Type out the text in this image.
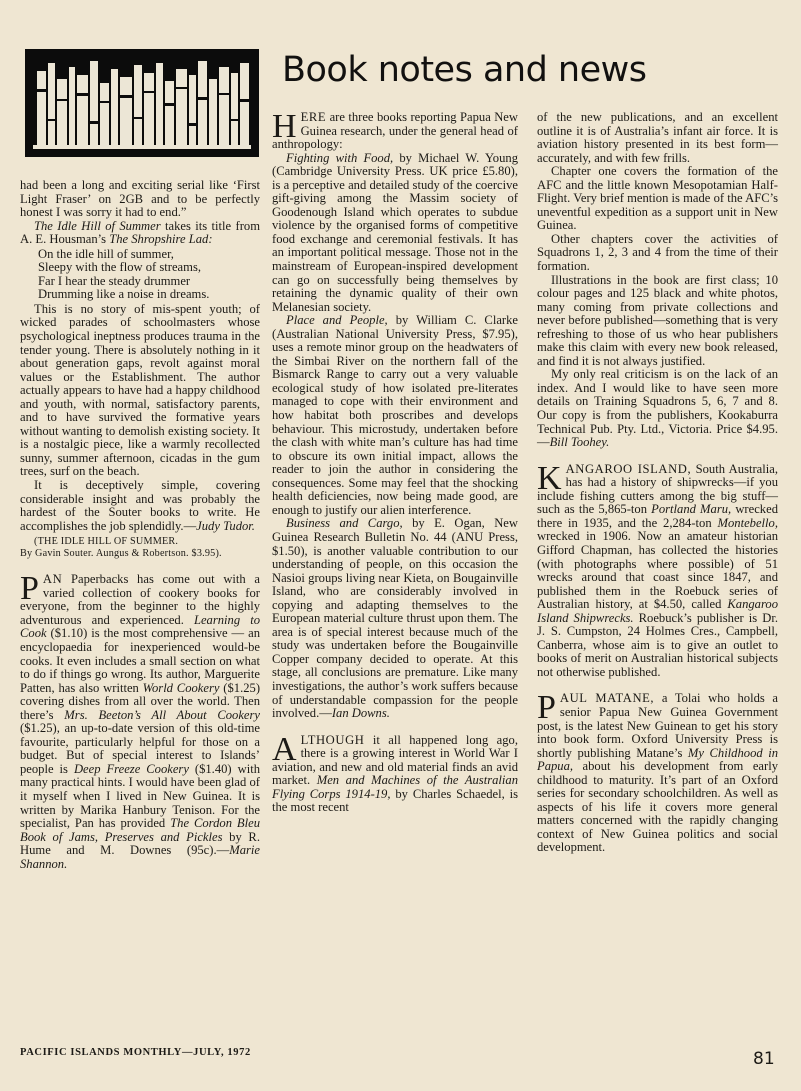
Book notes and news

had been a long and exciting serial like ‘First Light Fraser’ on 2GB and to be perfectly honest I was sorry it had to end.”

The Idle Hill of Summer takes its title from A. E. Housman’s The Shropshire Lad:

On the idle hill of summer,
Sleepy with the flow of streams,
Far I hear the steady drummer
Drumming like a noise in dreams.

This is no story of mis-spent youth; of wicked parades of schoolmasters whose psychological ineptness produces trauma in the tender young. There is absolutely nothing in it about generation gaps, revolt against moral values or the Establishment. The author actually appears to have had a happy childhood and youth, with normal, satisfactory parents, and to have survived the formative years without wanting to demolish existing society. It is a nostalgic piece, like a warmly recollected sunny, summer afternoon, cicadas in the gum trees, surf on the beach.

It is deceptively simple, covering considerable insight and was probably the hardest of the Souter books to write. He accomplishes the job splendidly.—Judy Tudor.

(THE IDLE HILL OF SUMMER.
By Gavin Souter. Aungus & Robertson. $3.95).

PAN Paperbacks has come out with a varied collection of cookery books for everyone, from the beginner to the highly adventurous and experienced. Learning to Cook ($1.10) is the most comprehensive — an encyclopaedia for inexperienced would-be cooks. It even includes a small section on what to do if things go wrong. Its author, Marguerite Patten, has also written World Cookery ($1.25) covering dishes from all over the world. Then there’s Mrs. Beeton’s All About Cookery ($1.25), an up-to-date version of this old-time favourite, particularly helpful for those on a budget. But of special interest to Islands’ people is Deep Freeze Cookery ($1.40) with many practical hints. I would have been glad of it myself when I lived in New Guinea. It is written by Marika Hanbury Tenison. For the specialist, Pan has provided The Cordon Bleu Book of Jams, Preserves and Pickles by R. Hume and M. Downes (95c).—Marie Shannon.

HERE are three books reporting Papua New Guinea research, under the general head of anthropology:

Fighting with Food, by Michael W. Young (Cambridge University Press. UK price £5.80), is a perceptive and detailed study of the coercive gift-giving among the Massim society of Goodenough Island which operates to subdue violence by the organised forms of competitive food exchange and ceremonial festivals. It has an important political message. Those not in the mainstream of European-inspired development can go on successfully being themselves by retaining the dynamic quality of their own Melanesian society.

Place and People, by William C. Clarke (Australian National University Press, $7.95), uses a remote minor group on the headwaters of the Simbai River on the northern fall of the Bismarck Range to carry out a very valuable ecological study of how isolated pre-literates managed to cope with their environment and how habitat both proscribes and develops behaviour. This microstudy, undertaken before the clash with white man’s culture has had time to obscure its own initial impact, allows the reader to join the author in considering the consequences. Some may feel that the shocking health deficiencies, now being made good, are enough to justify our alien interference.

Business and Cargo, by E. Ogan, New Guinea Research Bulletin No. 44 (ANU Press, $1.50), is another valuable contribution to our understanding of people, on this occasion the Nasioi groups living near Kieta, on Bougainville Island, who are considerably involved in copying and adapting themselves to the European material culture thrust upon them. The area is of special interest because much of the study was undertaken before the Bougainville Copper company decided to operate. At this stage, all conclusions are premature. Like many investigations, the author’s work suffers because of understandable compassion for the people involved.—Ian Downs.

ALTHOUGH it all happened long ago, there is a growing interest in World War I aviation, and new and old material finds an avid market. Men and Machines of the Australian Flying Corps 1914-19, by Charles Schaedel, is the most recent

of the new publications, and an excellent outline it is of Australia’s infant air force. It is aviation history presented in its best form—accurately, and with few frills.

Chapter one covers the formation of the AFC and the little known Mesopotamian Half-Flight. Very brief mention is made of the AFC’s uneventful expedition as a support unit in New Guinea.

Other chapters cover the activities of Squadrons 1, 2, 3 and 4 from the time of their formation.

Illustrations in the book are first class; 10 colour pages and 125 black and white photos, many coming from private collections and never before published—something that is very refreshing to those of us who hear publishers make this claim with every new book released, and find it is not always justified.

My only real criticism is on the lack of an index. And I would like to have seen more details on Training Squadrons 5, 6, 7 and 8. Our copy is from the publishers, Kookaburra Technical Pub. Pty. Ltd., Victoria. Price $4.95.—Bill Toohey.

KANGAROO ISLAND, South Australia, has had a history of shipwrecks—if you include fishing cutters among the big stuff—such as the 5,865-ton Portland Maru, wrecked there in 1935, and the 2,284-ton Montebello, wrecked in 1906. Now an amateur historian Gifford Chapman, has collected the histories (with photographs where possible) of 51 wrecks around that coast since 1847, and published them in the Roebuck series of Australian history, at $4.50, called Kangaroo Island Shipwrecks. Roebuck’s publisher is Dr. J. S. Cumpston, 24 Holmes Cres., Campbell, Canberra, whose aim is to give an outlet to books of merit on Australian historical subjects not otherwise published.

PAUL MATANE, a Tolai who holds a senior Papua New Guinea Government post, is the latest New Guinean to get his story into book form. Oxford University Press is shortly publishing Matane’s My Childhood in Papua, about his development from early childhood to maturity. It’s part of an Oxford series for secondary schoolchildren. As well as aspects of his life it covers more general matters concerned with the rapidly changing context of New Guinea politics and social development.

PACIFIC ISLANDS MONTHLY—JULY, 1972	81
